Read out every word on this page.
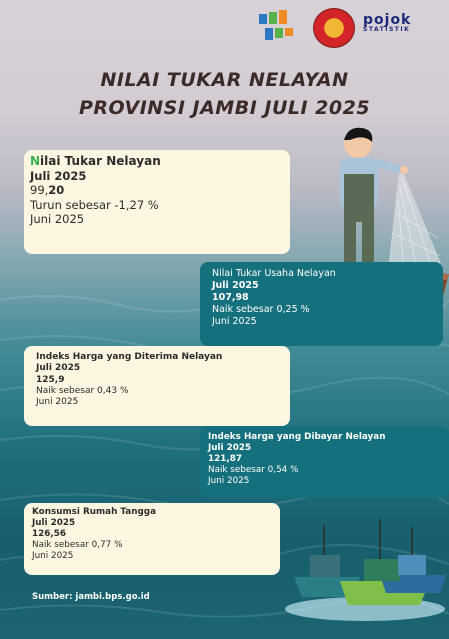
pojok
STATISTIK
NILAI TUKAR NELAYAN
PROVINSI JAMBI JULI 2025
Nilai Tukar Nelayan
Juli 2025
99,20
Turun sebesar -1,27 %
Juni 2025
Nilai Tukar Usaha Nelayan
Juli 2025
107,98
Naik sebesar 0,25 %
Juni 2025
Indeks Harga yang Diterima Nelayan
Juli 2025
125,9
Naik sebesar 0,43 %
Juni 2025
Indeks Harga yang Dibayar Nelayan
Juli 2025
121,87
Naik sebesar 0,54 %
Juni 2025
Konsumsi Rumah Tangga
Juli 2025
126,56
Naik sebesar 0,77 %
Juni 2025
Sumber: jambi.bps.go.id
